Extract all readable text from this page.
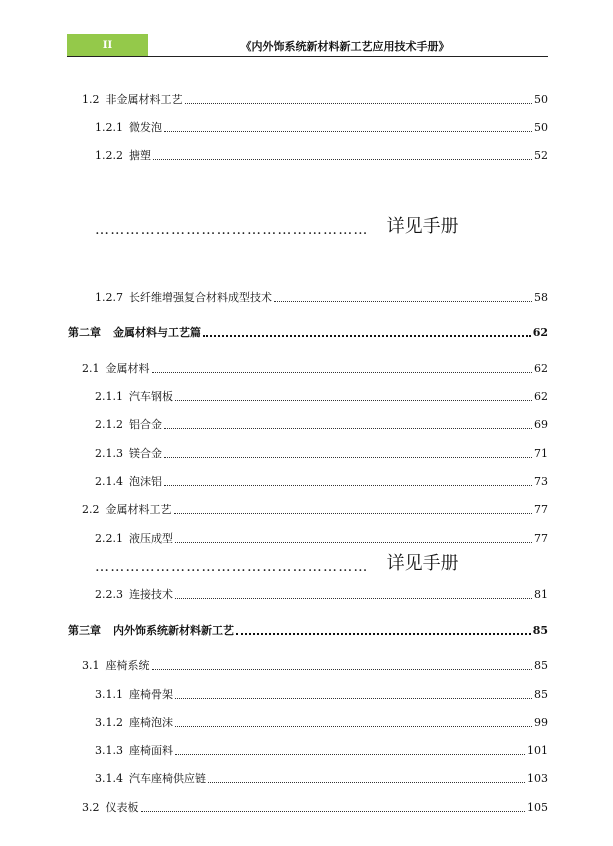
II	《内外饰系统新材料新工艺应用技术手册》
1.2 非金属材料工艺	50
1.2.1 微发泡	50
1.2.2 搪塑	52
……………………………………………… 详见手册
1.2.7 长纤维增强复合材料成型技术	58
第二章 金属材料与工艺篇	62
2.1 金属材料	62
2.1.1 汽车钢板	62
2.1.2 铝合金	69
2.1.3 镁合金	71
2.1.4 泡沫铝	73
2.2 金属材料工艺	77
2.2.1 液压成型	77
……………………………………………… 详见手册
2.2.3 连接技术	81
第三章 内外饰系统新材料新工艺	85
3.1 座椅系统	85
3.1.1 座椅骨架	85
3.1.2 座椅泡沫	99
3.1.3 座椅面料	101
3.1.4 汽车座椅供应链	103
3.2 仪表板	105
